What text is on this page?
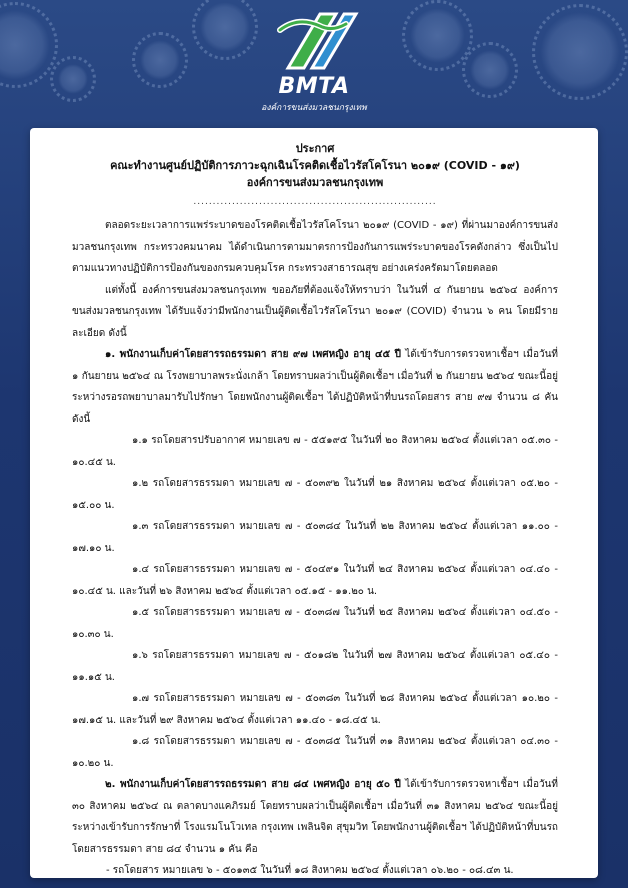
BMTA
องค์การขนส่งมวลชนกรุงเทพ
ประกาศ
คณะทำงานศูนย์ปฏิบัติการภาวะฉุกเฉินโรคติดเชื้อไวรัสโคโรนา ๒๐๑๙ (COVID - ๑๙)
องค์การขนส่งมวลชนกรุงเทพ
...............................................................

ตลอดระยะเวลาการแพร่ระบาดของโรคติดเชื้อไวรัสโคโรนา ๒๐๑๙ (COVID - ๑๙) ที่ผ่านมาองค์การขนส่งมวลชนกรุงเทพ กระทรวงคมนาคม ได้ดำเนินการตามมาตรการป้องกันการแพร่ระบาดของโรคดังกล่าว ซึ่งเป็นไปตามแนวทางปฏิบัติการป้องกันของกรมควบคุมโรค กระทรวงสาธารณสุข อย่างเคร่งครัดมาโดยตลอด

แต่ทั้งนี้ องค์การขนส่งมวลชนกรุงเทพ ขออภัยที่ต้องแจ้งให้ทราบว่า ในวันที่ ๔ กันยายน ๒๕๖๔ องค์การขนส่งมวลชนกรุงเทพ ได้รับแจ้งว่ามีพนักงานเป็นผู้ติดเชื้อไวรัสโคโรนา ๒๐๑๙ (COVID) จำนวน ๖ คน โดยมีรายละเอียด ดังนี้

๑. พนักงานเก็บค่าโดยสารรถธรรมดา สาย ๙๗ เพศหญิง อายุ ๔๕ ปี ได้เข้ารับการตรวจหาเชื้อฯ เมื่อวันที่ ๑ กันยายน ๒๕๖๔ ณ โรงพยาบาลพระนั่งเกล้า โดยทราบผลว่าเป็นผู้ติดเชื้อฯ เมื่อวันที่ ๒ กันยายน ๒๕๖๔ ขณะนี้อยู่ระหว่างรอรถพยาบาลมารับไปรักษา โดยพนักงานผู้ติดเชื้อฯ ได้ปฏิบัติหน้าที่บนรถโดยสาร สาย ๙๗ จำนวน ๘ คัน ดังนี้

๑.๑ รถโดยสารปรับอากาศ หมายเลข ๗ - ๕๕๑๙๕ ในวันที่ ๒๐ สิงหาคม ๒๕๖๔ ตั้งแต่เวลา ๐๕.๓๐ - ๑๐.๔๕ น.

๑.๒ รถโดยสารธรรมดา หมายเลข ๗ - ๕๐๓๙๒ ในวันที่ ๒๑ สิงหาคม ๒๕๖๔ ตั้งแต่เวลา ๐๕.๒๐ - ๑๕.๐๐ น.

๑.๓ รถโดยสารธรรมดา หมายเลข ๗ - ๕๐๓๘๔ ในวันที่ ๒๒ สิงหาคม ๒๕๖๔ ตั้งแต่เวลา ๑๑.๐๐ - ๑๗.๑๐ น.

๑.๔ รถโดยสารธรรมดา หมายเลข ๗ - ๕๐๔๙๑ ในวันที่ ๒๔ สิงหาคม ๒๕๖๔ ตั้งแต่เวลา ๐๔.๔๐ - ๑๐.๔๕ น. และวันที่ ๒๖ สิงหาคม ๒๕๖๔ ตั้งแต่เวลา ๐๕.๑๕ - ๑๑.๒๐ น.

๑.๕ รถโดยสารธรรมดา หมายเลข ๗ - ๕๐๓๘๗ ในวันที่ ๒๕ สิงหาคม ๒๕๖๔ ตั้งแต่เวลา ๐๔.๕๐ - ๑๐.๓๐ น.

๑.๖ รถโดยสารธรรมดา หมายเลข ๗ - ๕๐๑๘๒ ในวันที่ ๒๗ สิงหาคม ๒๕๖๔ ตั้งแต่เวลา ๐๕.๔๐ - ๑๑.๑๕ น.

๑.๗ รถโดยสารธรรมดา หมายเลข ๗ - ๕๐๓๘๓ ในวันที่ ๒๘ สิงหาคม ๒๕๖๔ ตั้งแต่เวลา ๑๐.๒๐ - ๑๗.๑๕ น. และวันที่ ๒๙ สิงหาคม ๒๕๖๔ ตั้งแต่เวลา ๑๑.๔๐ - ๑๘.๔๕ น.

๑.๘ รถโดยสารธรรมดา หมายเลข ๗ - ๕๐๓๘๕ ในวันที่ ๓๑ สิงหาคม ๒๕๖๔ ตั้งแต่เวลา ๐๔.๓๐ - ๑๐.๒๐ น.

๒. พนักงานเก็บค่าโดยสารรถธรรมดา สาย ๘๔ เพศหญิง อายุ ๕๐ ปี ได้เข้ารับการตรวจหาเชื้อฯ เมื่อวันที่ ๓๐ สิงหาคม ๒๕๖๔ ณ ตลาดบางแคภิรมย์ โดยทราบผลว่าเป็นผู้ติดเชื้อฯ เมื่อวันที่ ๓๑ สิงหาคม ๒๕๖๔ ขณะนี้อยู่ระหว่างเข้ารับการรักษาที่ โรงแรมโนโวเทล กรุงเทพ เพลินจิต สุขุมวิท โดยพนักงานผู้ติดเชื้อฯ ได้ปฏิบัติหน้าที่บนรถโดยสารธรรมดา สาย ๘๔ จำนวน ๑ คัน คือ

- รถโดยสาร หมายเลข ๖ - ๕๐๑๓๕ ในวันที่ ๑๘ สิงหาคม ๒๕๖๔ ตั้งแต่เวลา ๐๖.๒๐ - ๐๘.๔๓ น.
